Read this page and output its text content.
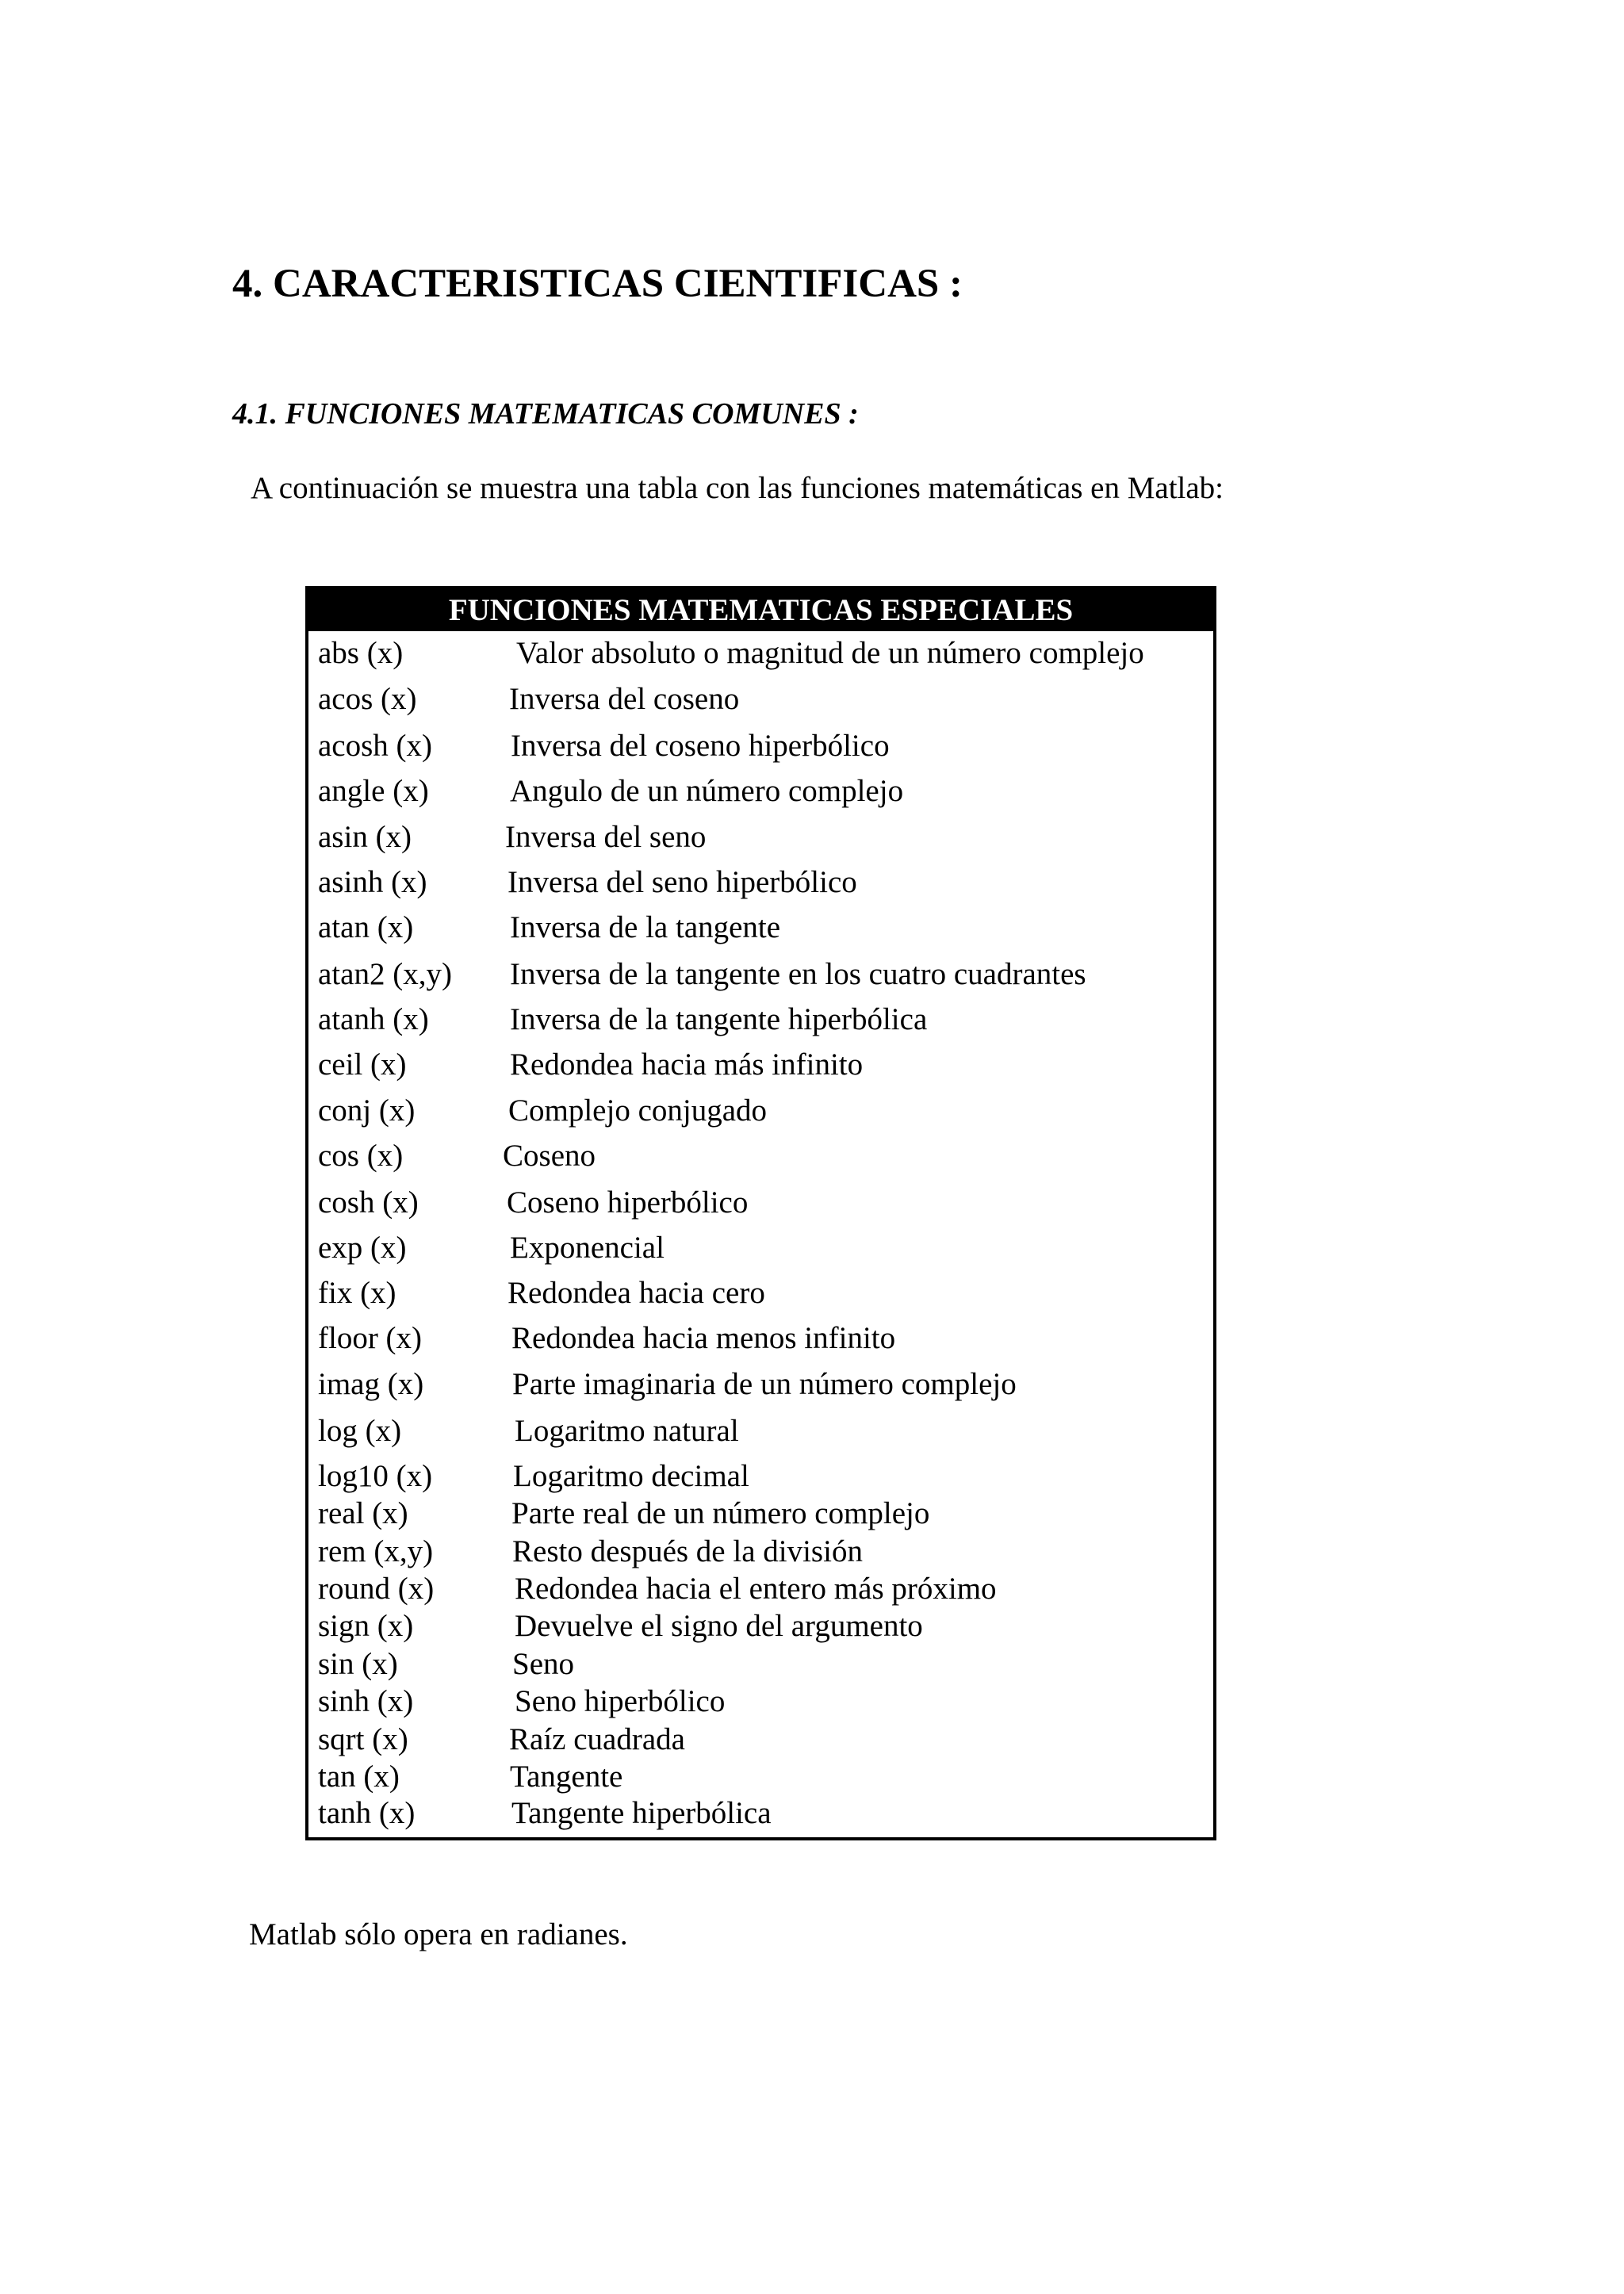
4. CARACTERISTICAS CIENTIFICAS :
4.1. FUNCIONES MATEMATICAS COMUNES :

A continuación se muestra una tabla con las funciones matemáticas en Matlab:

FUNCIONES MATEMATICAS ESPECIALES
abs (x)	Valor absoluto o magnitud de un número complejo
acos (x)	Inversa del coseno
acosh (x)	Inversa del coseno hiperbólico
angle (x)	Angulo de un número complejo
asin (x)	Inversa del seno
asinh (x)	Inversa del seno hiperbólico
atan (x)	Inversa de la tangente
atan2 (x,y) Inversa de la tangente en los cuatro cuadrantes
atanh (x)	Inversa de la tangente hiperbólica
ceil (x)	Redondea hacia más infinito
conj (x)	Complejo conjugado
cos (x)	Coseno
cosh (x)	Coseno hiperbólico
exp (x)	Exponencial
fix (x)	Redondea hacia cero
floor (x)	Redondea hacia menos infinito
imag (x)	Parte imaginaria de un número complejo
log (x)	Logaritmo natural
log10 (x)	Logaritmo decimal
real (x)	Parte real de un número complejo
rem (x,y)	Resto después de la división
round (x)	Redondea hacia el entero más próximo
sign (x)	Devuelve el signo del argumento
sin (x)	Seno
sinh (x)	Seno hiperbólico
sqrt (x)	Raíz cuadrada
tan (x)	Tangente
tanh (x)	Tangente hiperbólica

Matlab sólo opera en radianes.
